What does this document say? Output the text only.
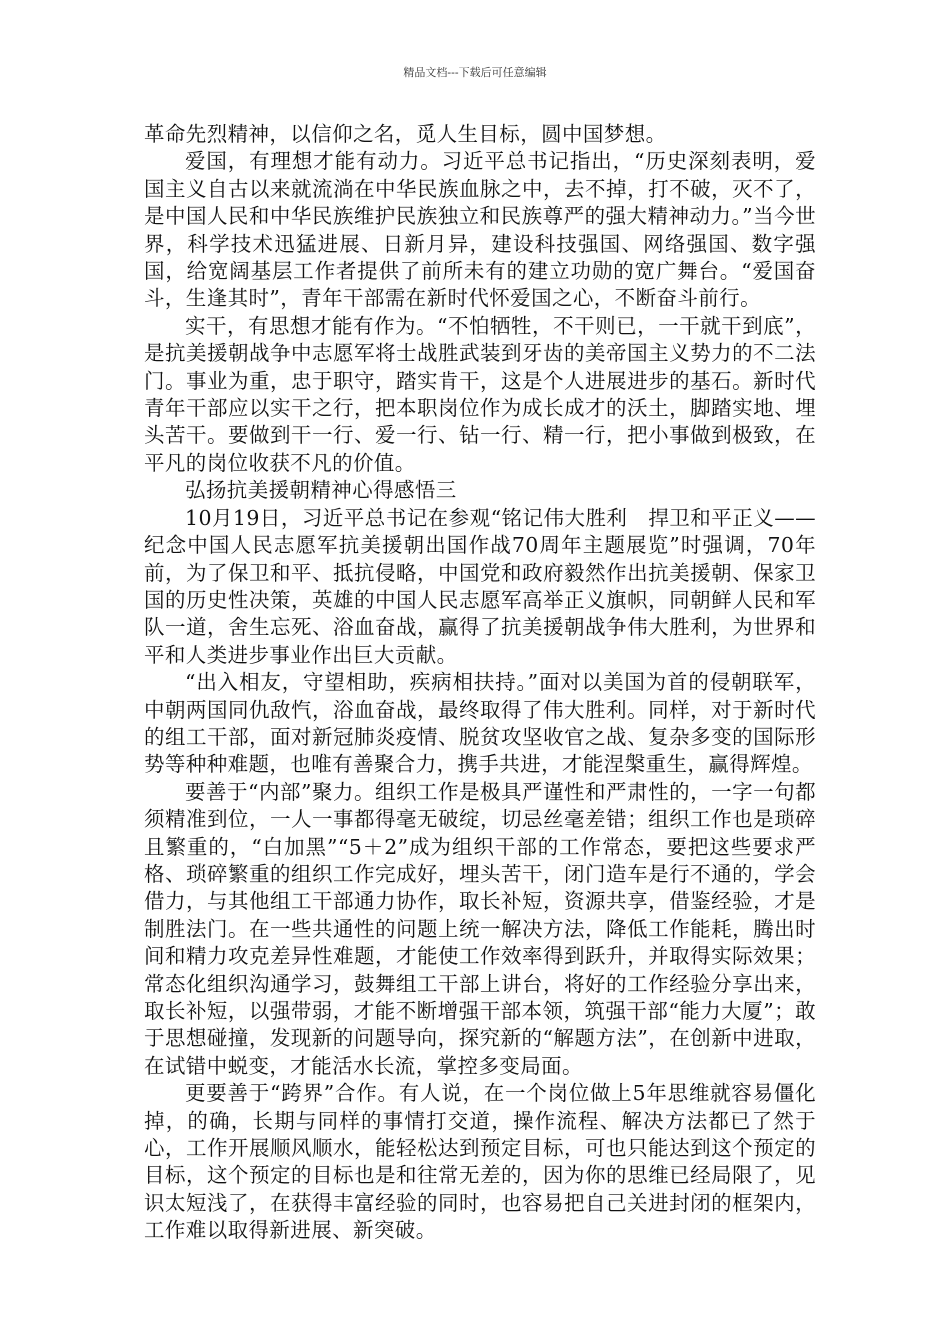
精品文档---下载后可任意编辑

革命先烈精神，以信仰之名，觅人生目标，圆中国梦想。

爱国，有理想才能有动力。习近平总书记指出，“历史深刻表明，爱国主义自古以来就流淌在中华民族血脉之中，去不掉，打不破，灭不了，是中国人民和中华民族维护民族独立和民族尊严的强大精神动力。”当今世界，科学技术迅猛进展、日新月异，建设科技强国、网络强国、数字强国，给宽阔基层工作者提供了前所未有的建立功勋的宽广舞台。“爱国奋斗，生逢其时”，青年干部需在新时代怀爱国之心，不断奋斗前行。

实干，有思想才能有作为。“不怕牺牲，不干则已，一干就干到底”，是抗美援朝战争中志愿军将士战胜武装到牙齿的美帝国主义势力的不二法门。事业为重，忠于职守，踏实肯干，这是个人进展进步的基石。新时代青年干部应以实干之行，把本职岗位作为成长成才的沃土，脚踏实地、埋头苦干。要做到干一行、爱一行、钻一行、精一行，把小事做到极致，在平凡的岗位收获不凡的价值。

弘扬抗美援朝精神心得感悟三

10月19日，习近平总书记在参观“铭记伟大胜利　捍卫和平正义——纪念中国人民志愿军抗美援朝出国作战70周年主题展览”时强调，70年前，为了保卫和平、抵抗侵略，中国党和政府毅然作出抗美援朝、保家卫国的历史性决策，英雄的中国人民志愿军高举正义旗帜，同朝鲜人民和军队一道，舍生忘死、浴血奋战，赢得了抗美援朝战争伟大胜利，为世界和平和人类进步事业作出巨大贡献。

“出入相友，守望相助，疾病相扶持。”面对以美国为首的侵朝联军，中朝两国同仇敌忾，浴血奋战，最终取得了伟大胜利。同样，对于新时代的组工干部，面对新冠肺炎疫情、脱贫攻坚收官之战、复杂多变的国际形势等种种难题，也唯有善聚合力，携手共进，才能涅槃重生，赢得辉煌。

要善于“内部”聚力。组织工作是极具严谨性和严肃性的，一字一句都须精准到位，一人一事都得毫无破绽，切忌丝毫差错；组织工作也是琐碎且繁重的，“白加黑”“5＋2”成为组织干部的工作常态，要把这些要求严格、琐碎繁重的组织工作完成好，埋头苦干，闭门造车是行不通的，学会借力，与其他组工干部通力协作，取长补短，资源共享，借鉴经验，才是制胜法门。在一些共通性的问题上统一解决方法，降低工作能耗，腾出时间和精力攻克差异性难题，才能使工作效率得到跃升，并取得实际效果；常态化组织沟通学习，鼓舞组工干部上讲台，将好的工作经验分享出来，取长补短，以强带弱，才能不断增强干部本领，筑强干部“能力大厦”；敢于思想碰撞，发现新的问题导向，探究新的“解题方法”，在创新中进取，在试错中蜕变，才能活水长流，掌控多变局面。

更要善于“跨界”合作。有人说，在一个岗位做上5年思维就容易僵化掉，的确，长期与同样的事情打交道，操作流程、解决方法都已了然于心，工作开展顺风顺水，能轻松达到预定目标，可也只能达到这个预定的目标，这个预定的目标也是和往常无差的，因为你的思维已经局限了，见识太短浅了，在获得丰富经验的同时，也容易把自己关进封闭的框架内，工作难以取得新进展、新突破。
